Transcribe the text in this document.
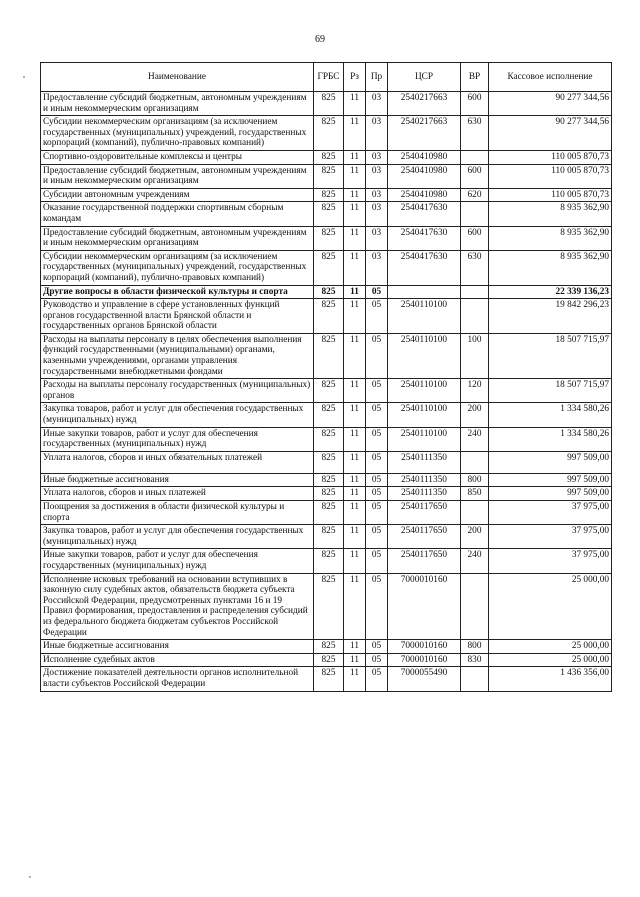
69
Наименование	ГРБС	Рз	Пр	ЦСР	ВР	Кассовое исполнение
Предоставление субсидий бюджетным, автономным учреждениям и иным некоммерческим организациям	825	11	03	2540217663	600	90 277 344,56
Субсидии некоммерческим организациям (за исключением государственных (муниципальных) учреждений, государственных корпораций (компаний), публично-правовых компаний)	825	11	03	2540217663	630	90 277 344,56
Спортивно-оздоровительные комплексы и центры	825	11	03	2540410980		110 005 870,73
Предоставление субсидий бюджетным, автономным учреждениям и иным некоммерческим организациям	825	11	03	2540410980	600	110 005 870,73
Субсидии автономным учреждениям	825	11	03	2540410980	620	110 005 870,73
Оказание государственной поддержки спортивным сборным командам	825	11	03	2540417630		8 935 362,90
Предоставление субсидий бюджетным, автономным учреждениям и иным некоммерческим организациям	825	11	03	2540417630	600	8 935 362,90
Субсидии некоммерческим организациям (за исключением государственных (муниципальных) учреждений, государственных корпораций (компаний), публично-правовых компаний)	825	11	03	2540417630	630	8 935 362,90
Другие вопросы в области физической культуры и спорта	825	11	05			22 339 136,23
Руководство и управление в сфере установленных функций органов государственной власти Брянской области и государственных органов Брянской области	825	11	05	2540110100		19 842 296,23
Расходы на выплаты персоналу в целях обеспечения выполнения функций государственными (муниципальными) органами, казенными учреждениями, органами управления государственными внебюджетными фондами	825	11	05	2540110100	100	18 507 715,97
Расходы на выплаты персоналу государственных (муниципальных) органов	825	11	05	2540110100	120	18 507 715,97
Закупка товаров, работ и услуг для обеспечения государственных (муниципальных) нужд	825	11	05	2540110100	200	1 334 580,26
Иные закупки товаров, работ и услуг для обеспечения государственных (муниципальных) нужд	825	11	05	2540110100	240	1 334 580,26
Уплата налогов, сборов и иных обязательных платежей	825	11	05	2540111350		997 509,00
Иные бюджетные ассигнования	825	11	05	2540111350	800	997 509,00
Уплата налогов, сборов и иных платежей	825	11	05	2540111350	850	997 509,00
Поощрения за достижения в области физической культуры и спорта	825	11	05	2540117650		37 975,00
Закупка товаров, работ и услуг для обеспечения государственных (муниципальных) нужд	825	11	05	2540117650	200	37 975,00
Иные закупки товаров, работ и услуг для обеспечения государственных (муниципальных) нужд	825	11	05	2540117650	240	37 975,00
Исполнение исковых требований на основании вступивших в законную силу судебных актов, обязательств бюджета субъекта Российской Федерации, предусмотренных пунктами 16 и 19 Правил формирования, предоставления и распределения субсидий из федерального бюджета бюджетам субъектов Российской Федерации	825	11	05	7000010160		25 000,00
Иные бюджетные ассигнования	825	11	05	7000010160	800	25 000,00
Исполнение судебных актов	825	11	05	7000010160	830	25 000,00
Достижение показателей деятельности органов исполнительной власти субъектов Российской Федерации	825	11	05	7000055490		1 436 356,00
